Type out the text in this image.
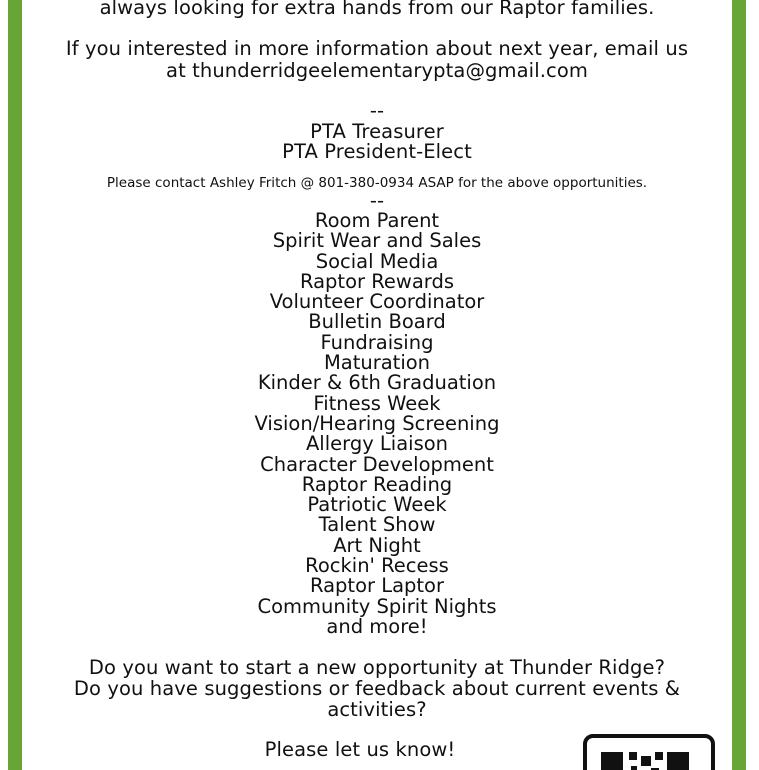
always looking for extra hands from our Raptor families.
If you interested in more information about next year, email us
at thunderridgeelementarypta@gmail.com
--
PTA Treasurer
PTA President-Elect
Please contact Ashley Fritch @ 801-380-0934 ASAP for the above opportunities.
--
Room Parent
Spirit Wear and Sales
Social Media
Raptor Rewards
Volunteer Coordinator
Bulletin Board
Fundraising
Maturation
Kinder & 6th Graduation
Fitness Week
Vision/Hearing Screening
Allergy Liaison
Character Development
Raptor Reading
Patriotic Week
Talent Show
Art Night
Rockin' Recess
Raptor Laptor
Community Spirit Nights
and more!
Do you want to start a new opportunity at Thunder Ridge?
Do you have suggestions or feedback about current events &
activities?
Please let us know!
